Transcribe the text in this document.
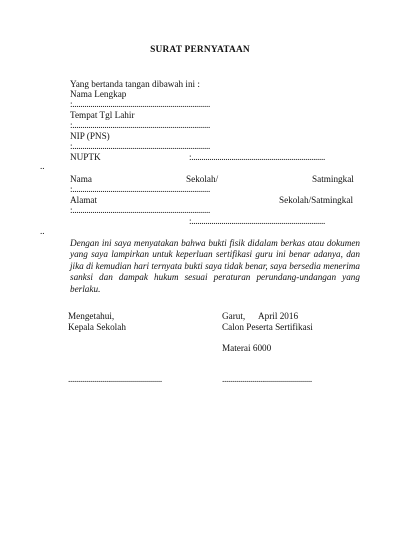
SURAT PERNYATAAN
Yang bertanda tangan dibawah ini :
Nama Lengkap
:.....................................................................
Tempat Tgl Lahir
:.....................................................................
NIP (PNS)
:.....................................................................
NUPTK	:...................................................................
..
Nama	Sekolah/	Satmingkal
:.....................................................................
Alamat	Sekolah/Satmingkal
:.....................................................................
:...................................................................
..
Dengan ini saya menyatakan bahwa bukti fisik didalam berkas atau dokumen yang saya lampirkan untuk keperluan sertifikasi guru ini benar adanya, dan jika di kemudian hari ternyata bukti saya tidak benar, saya bersedia menerima sanksi dan dampak hukum sesuai peraturan perundang-undangan yang berlaku.
Mengetahui,
Kepala Sekolah
Garut, April 2016
Calon Peserta Sertifikasi
Materai 6000
...............................................	.............................................
